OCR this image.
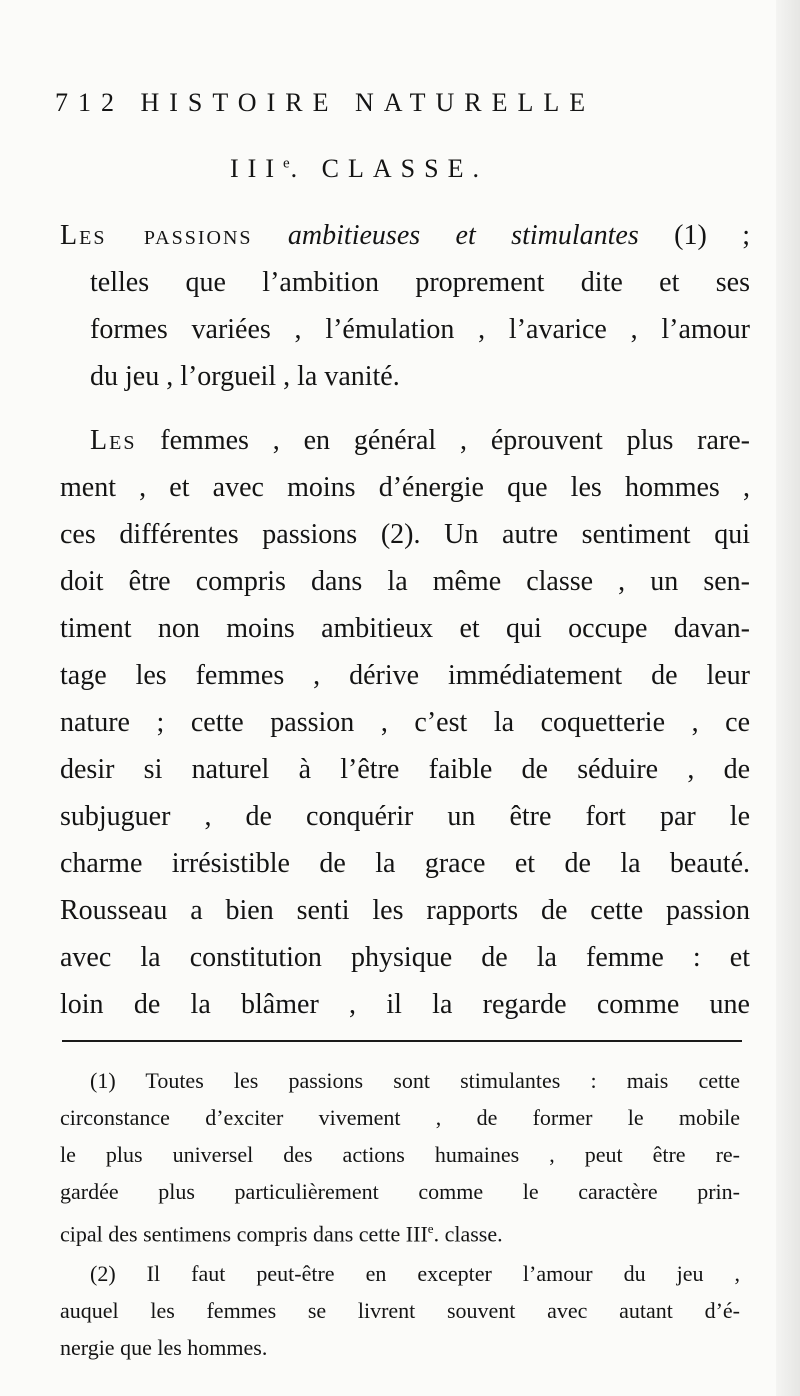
712 HISTOIRE NATURELLE
IIIe. CLASSE.
Les passions ambitieuses et stimulantes (1) ;
telles que l’ambition proprement dite et ses
formes variées , l’émulation , l’avarice , l’amour
du jeu , l’orgueil , la vanité.
Les femmes , en général , éprouvent plus rare-
ment , et avec moins d’énergie que les hommes ,
ces différentes passions (2). Un autre sentiment qui
doit être compris dans la même classe , un sen-
timent non moins ambitieux et qui occupe davan-
tage les femmes , dérive immédiatement de leur
nature ; cette passion , c’est la coquetterie , ce
desir si naturel à l’être faible de séduire , de
subjuguer , de conquérir un être fort par le
charme irrésistible de la grace et de la beauté.
Rousseau a bien senti les rapports de cette passion
avec la constitution physique de la femme : et
loin de la blâmer , il la regarde comme une
(1) Toutes les passions sont stimulantes : mais cette
circonstance d’exciter vivement , de former le mobile
le plus universel des actions humaines , peut être re-
gardée plus particulièrement comme le caractère prin-
cipal des sentimens compris dans cette IIIe. classe.
(2) Il faut peut-être en excepter l’amour du jeu ,
auquel les femmes se livrent souvent avec autant d’é-
nergie que les hommes.
